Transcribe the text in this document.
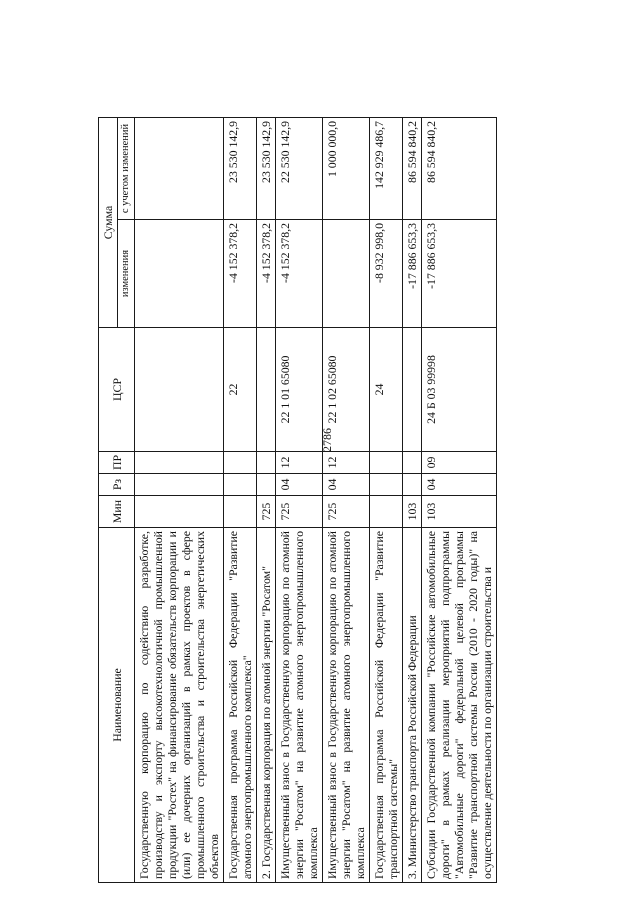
2786
Наименование	Мин	Рз	ПР	ЦСР	Сумма	
					изменения	с учетом изменений
Государственную корпорацию по содействию разработке, производству и экспорту высокотехнологичной промышленной продукции "Ростех" на финансирование обязательств корпорации и (или) ее дочерних организаций в рамках проектов в сфере промышленного строительства и строительства энергетических объектов						
Государственная программа Российской Федерации "Развитие атомного энергопромышленного комплекса"				22	-4 152 378,2	23 530 142,9
2. Государственная корпорация по атомной энергии "Росатом"	725				-4 152 378,2	23 530 142,9
Имущественный взнос в Государственную корпорацию по атомной энергии "Росатом" на развитие атомного энергопромышленного комплекса	725	04	12	22 1 01 65080	-4 152 378,2	22 530 142,9
Имущественный взнос в Государственную корпорацию по атомной энергии "Росатом" на развитие атомного энергопромышленного комплекса	725	04	12	22 1 02 65080		1 000 000,0
Государственная программа Российской Федерации "Развитие транспортной системы"				24	-8 932 998,0	142 929 486,7
3. Министерство транспорта Российской Федерации	103				-17 886 653,3	86 594 840,2
Субсидии Государственной компании "Российские автомобильные дороги" в рамках реализации мероприятий подпрограммы "Автомобильные дороги" федеральной целевой программы "Развитие транспортной системы России (2010 - 2020 годы)" на осуществление деятельности по организации строительства и	103	04	09	24 Б 03 99998	-17 886 653,3	86 594 840,2
